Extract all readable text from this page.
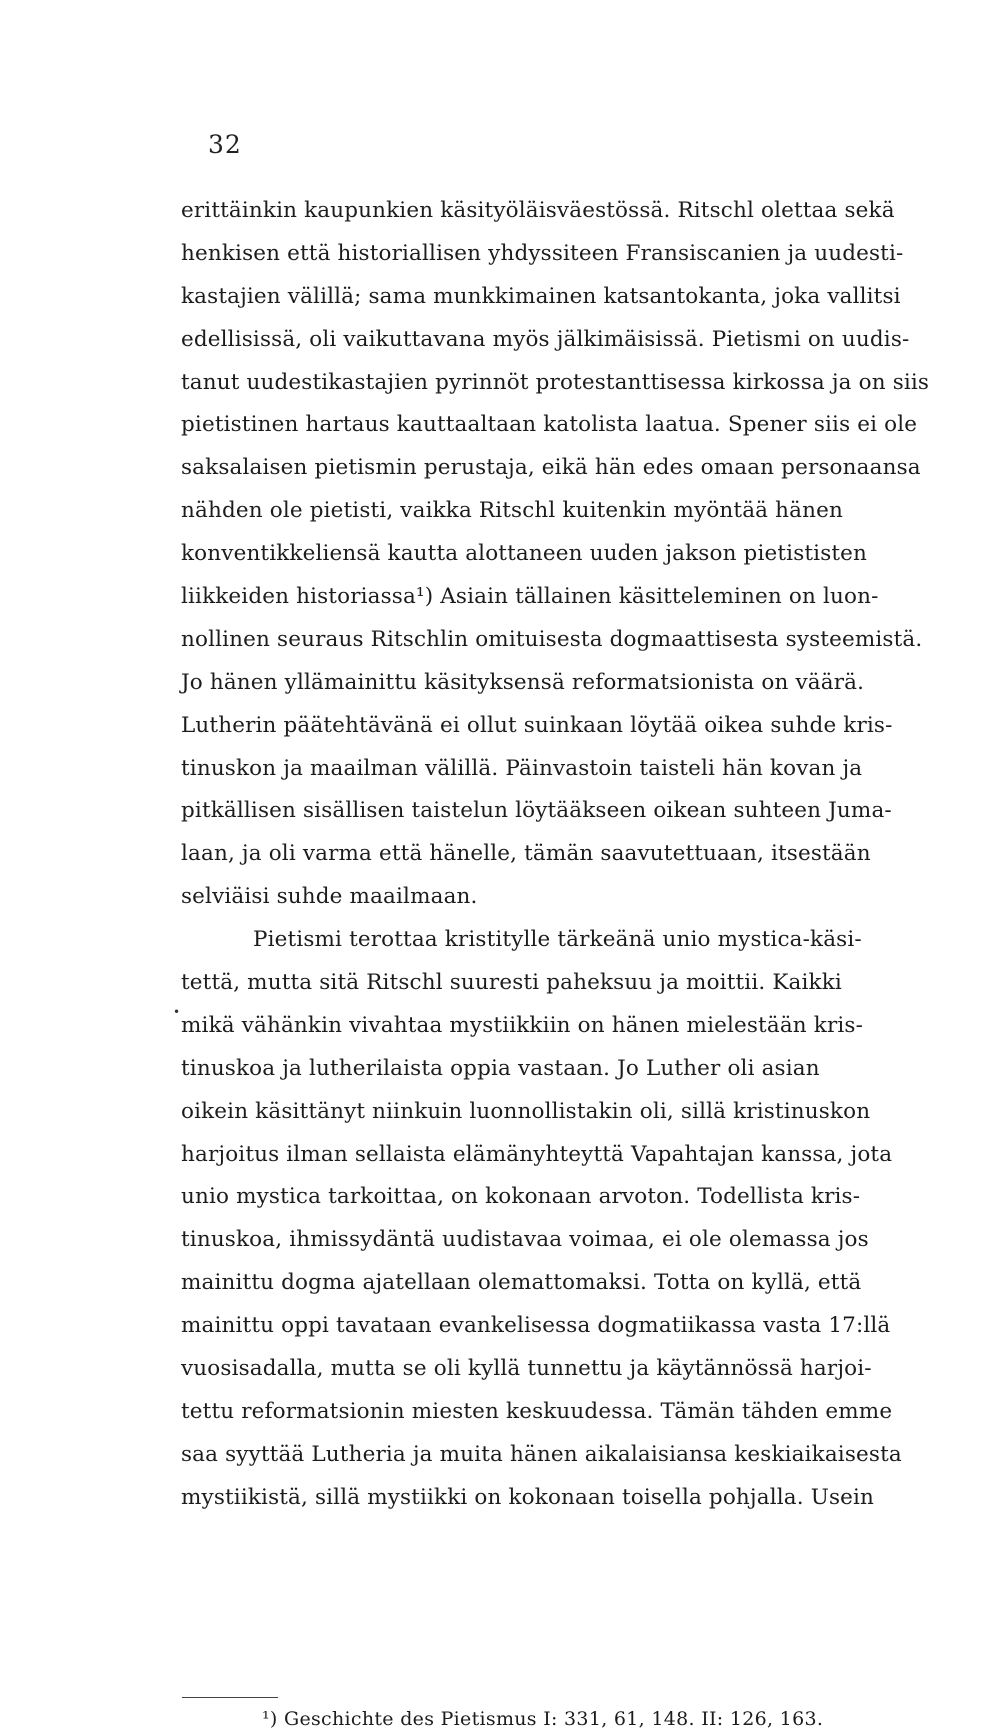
32
erittäinkin kaupunkien käsityöläisväestössä. Ritschl olettaa sekä
henkisen että historiallisen yhdyssiteen Fransiscanien ja uudesti-
kastajien välillä; sama munkkimainen katsantokanta, joka vallitsi
edellisissä, oli vaikuttavana myös jälkimäisissä. Pietismi on uudis-
tanut uudestikastajien pyrinnöt protestanttisessa kirkossa ja on siis
pietistinen hartaus kauttaaltaan katolista laatua. Spener siis ei ole
saksalaisen pietismin perustaja, eikä hän edes omaan personaansa
nähden ole pietisti, vaikka Ritschl kuitenkin myöntää hänen
konventikkeliensä kautta alottaneen uuden jakson pietististen
liikkeiden historiassa¹) Asiain tällainen käsitteleminen on luon-
nollinen seuraus Ritschlin omituisesta dogmaattisesta systeemistä.
Jo hänen yllämainittu käsityksensä reformatsionista on väärä.
Lutherin päätehtävänä ei ollut suinkaan löytää oikea suhde kris-
tinuskon ja maailman välillä. Päinvastoin taisteli hän kovan ja
pitkällisen sisällisen taistelun löytääkseen oikean suhteen Juma-
laan, ja oli varma että hänelle, tämän saavutettuaan, itsestään
selviäisi suhde maailmaan.
Pietismi terottaa kristitylle tärkeänä unio mystica-käsi-
tettä, mutta sitä Ritschl suuresti paheksuu ja moittii. Kaikki
mikä vähänkin vivahtaa mystiikkiin on hänen mielestään kris-
tinuskoa ja lutherilaista oppia vastaan. Jo Luther oli asian
oikein käsittänyt niinkuin luonnollistakin oli, sillä kristinuskon
harjoitus ilman sellaista elämänyhteyttä Vapahtajan kanssa, jota
unio mystica tarkoittaa, on kokonaan arvoton. Todellista kris-
tinuskoa, ihmissydäntä uudistavaa voimaa, ei ole olemassa jos
mainittu dogma ajatellaan olemattomaksi. Totta on kyllä, että
mainittu oppi tavataan evankelisessa dogmatiikassa vasta 17:llä
vuosisadalla, mutta se oli kyllä tunnettu ja käytännössä harjoi-
tettu reformatsionin miesten keskuudessa. Tämän tähden emme
saa syyttää Lutheria ja muita hänen aikalaisiansa keskiaikaisesta
mystiikistä, sillä mystiikki on kokonaan toisella pohjalla. Usein
•
¹) Geschichte des Pietismus I: 331, 61, 148. II: 126, 163.
